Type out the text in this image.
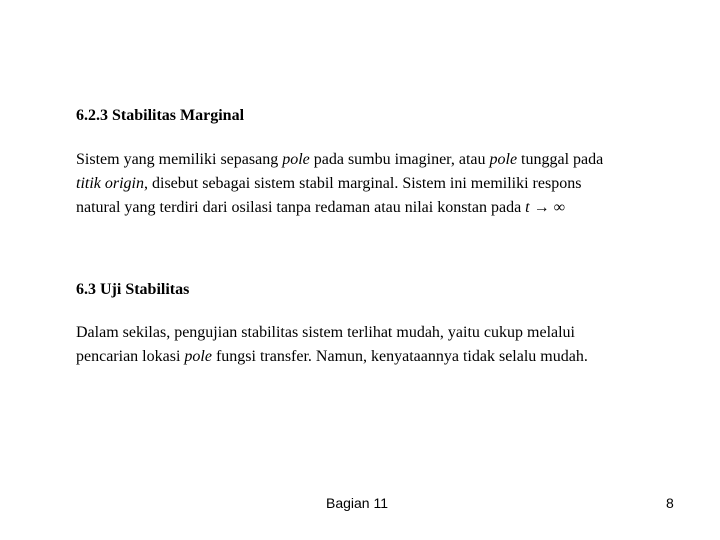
6.2.3 Stabilitas Marginal

Sistem yang memiliki sepasang pole pada sumbu imaginer, atau pole tunggal pada
titik origin, disebut sebagai sistem stabil marginal. Sistem ini memiliki respons
natural yang terdiri dari osilasi tanpa redaman atau nilai konstan pada t → ∞

6.3 Uji Stabilitas

Dalam sekilas, pengujian stabilitas sistem terlihat mudah, yaitu cukup melalui
pencarian lokasi pole fungsi transfer. Namun, kenyataannya tidak selalu mudah.

Bagian 11	8
